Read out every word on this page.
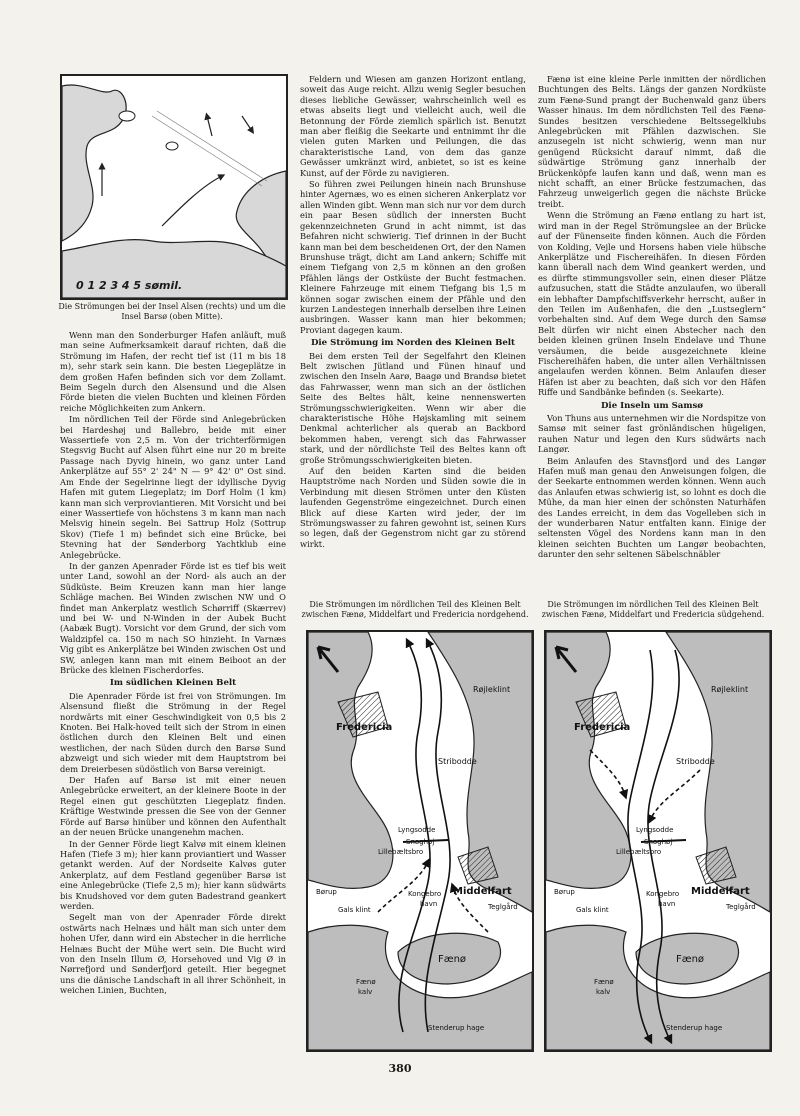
0 1 2 3 4 5 sømil.
Die Strömungen bei der Insel Alsen (rechts) und um die Insel Barsø (oben Mitte).

Wenn man den Sonderburger Hafen anläuft, muß man seine Aufmerksamkeit darauf richten, daß die Strömung im Hafen, der recht tief ist (11 m bis 18 m), sehr stark sein kann. Die besten Liegeplätze in dem großen Hafen befinden sich vor dem Zollamt. Beim Segeln durch den Alsensund und die Alsen Förde bieten die vielen Buchten und kleinen Förden reiche Möglichkeiten zum Ankern.

Im nördlichen Teil der Förde sind Anlegebrücken bei Hardeshøj und Ballebro, beide mit einer Wassertiefe von 2,5 m. Von der trichterförmigen Stegsvig Bucht auf Alsen führt eine nur 20 m breite Passage nach Dyvig hinein, wo ganz unter Land Ankerplätze auf 55° 2' 24" N — 9° 42' 0" Ost sind. Am Ende der Segelrinne liegt der idyllische Dyvig Hafen mit gutem Liegeplatz; im Dorf Holm (1 km) kann man sich verproviantieren. Mit Vorsicht und bei einer Wassertiefe von höchstens 3 m kann man nach Melsvig hinein segeln. Bei Sattrup Holz (Sottrup Skov) (Tiefe 1 m) befindet sich eine Brücke, bei Stevning hat der Sønderborg Yachtklub eine Anlegebrücke.

In der ganzen Apenrader Förde ist es tief bis weit unter Land, sowohl an der Nord- als auch an der Südküste. Beim Kreuzen kann man hier lange Schläge machen. Bei Winden zwischen NW und O findet man Ankerplatz westlich Schørriff (Skærrev) und bei W- und N-Winden in der Aubek Bucht (Aabæk Bugt). Vorsicht vor dem Grund, der sich vom Waldzipfel ca. 150 m nach SO hinzieht. In Varnæs Vig gibt es Ankerplätze bei Winden zwischen Ost und SW, anlegen kann man mit einem Beiboot an der Brücke des kleinen Fischerdorfes.

Im südlichen Kleinen Belt

Die Apenrader Förde ist frei von Strömungen. Im Alsensund fließt die Strömung in der Regel nordwärts mit einer Geschwindigkeit von 0,5 bis 2 Knoten. Bei Halk-hoved teilt sich der Strom in einen östlichen durch den Kleinen Belt und einen westlichen, der nach Süden durch den Barsø Sund abzweigt und sich wieder mit dem Hauptstrom bei dem Dreierbesen südöstlich von Barsø vereinigt.

Der Hafen auf Barsø ist mit einer neuen Anlegebrücke erweitert, an der kleinere Boote in der Regel einen gut geschützten Liegeplatz finden. Kräftige Westwinde pressen die See von der Genner Förde auf Barsø hinüber und können den Aufenthalt an der neuen Brücke unangenehm machen.

In der Genner Förde liegt Kalvø mit einem kleinen Hafen (Tiefe 3 m); hier kann proviantiert und Wasser getankt werden. Auf der Nordseite Kalvøs guter Ankerplatz, auf dem Festland gegenüber Barsø ist eine Anlegebrücke (Tiefe 2,5 m); hier kann südwärts bis Knudshoved vor dem guten Badestrand geankert werden.

Segelt man von der Apenrader Förde direkt ostwärts nach Helnæs und hält man sich unter dem hohen Ufer, dann wird ein Abstecher in die herrliche Helnæs Bucht der Mühe wert sein. Die Bucht wird von den Inseln Illum Ø, Horsehoved und Vig Ø in Nørrefjord und Sønderfjord geteilt. Hier begegnet uns die dänische Landschaft in all ihrer Schönheit, in weichen Linien, Buchten,

Feldern und Wiesen am ganzen Horizont entlang, soweit das Auge reicht. Allzu wenig Segler besuchen dieses liebliche Gewässer, wahrscheinlich weil es etwas abseits liegt und vielleicht auch, weil die Betonnung der Förde ziemlich spärlich ist. Benutzt man aber fleißig die Seekarte und entnimmt ihr die vielen guten Marken und Peilungen, die das charakteristische Land, von dem das ganze Gewässer umkränzt wird, anbietet, so ist es keine Kunst, auf der Förde zu navigieren.

So führen zwei Peilungen hinein nach Brunshuse hinter Agernæs, wo es einen sicheren Ankerplatz vor allen Winden gibt. Wenn man sich nur vor dem durch ein paar Besen südlich der innersten Bucht gekennzeichneten Grund in acht nimmt, ist das Befahren nicht schwierig. Tief drinnen in der Bucht kann man bei dem bescheidenen Ort, der den Namen Brunshuse trägt, dicht am Land ankern; Schiffe mit einem Tiefgang von 2,5 m können an den großen Pfählen längs der Ostküste der Bucht festmachen. Kleinere Fahrzeuge mit einem Tiefgang bis 1,5 m können sogar zwischen einem der Pfähle und den kurzen Landestegen innerhalb derselben ihre Leinen ausbringen. Wasser kann man hier bekommen; Proviant dagegen kaum.

Die Strömung im Norden des Kleinen Belt

Bei dem ersten Teil der Segelfahrt den Kleinen Belt zwischen Jütland und Fünen hinauf und zwischen den Inseln Aarø, Baagø und Brandsø bietet das Fahrwasser, wenn man sich an der östlichen Seite des Beltes hält, keine nennenswerten Strömungsschwierigkeiten. Wenn wir aber die charakteristische Höhe Højskamling mit seinem Denkmal achterlicher als querab an Backbord bekommen haben, verengt sich das Fahrwasser stark, und der nördlichste Teil des Beltes kann oft große Strömungsschwierigkeiten bieten.

Auf den beiden Karten sind die beiden Hauptströme nach Norden und Süden sowie die in Verbindung mit diesen Strömen unter den Küsten laufenden Gegenströme eingezeichnet. Durch einen Blick auf diese Karten wird jeder, der im Strömungswasser zu fahren gewohnt ist, seinen Kurs so legen, daß der Gegenstrom nicht gar zu störend wirkt.

Fænø ist eine kleine Perle inmitten der nördlichen Buchtungen des Belts. Längs der ganzen Nordküste zum Fænø-Sund prangt der Buchenwald ganz übers Wasser hinaus. Im dem nördlichsten Teil des Fænø-Sundes besitzen verschiedene Beltssegelklubs Anlegebrücken mit Pfählen dazwischen. Sie anzusegeln ist nicht schwierig, wenn man nur genügend Rücksicht darauf nimmt, daß die südwärtige Strömung ganz innerhalb der Brückenköpfe laufen kann und daß, wenn man es nicht schafft, an einer Brücke festzumachen, das Fahrzeug unweigerlich gegen die nächste Brücke treibt.

Wenn die Strömung an Fænø entlang zu hart ist, wird man in der Regel Strömungslee an der Brücke auf der Fünenseite finden können. Auch die Förden von Kolding, Vejle und Horsens haben viele hübsche Ankerplätze und Fischereihäfen. In diesen Förden kann überall nach dem Wind geankert werden, und es dürfte stimmungsvoller sein, einen dieser Plätze aufzusuchen, statt die Städte anzulaufen, wo überall ein lebhafter Dampfschiffsverkehr herrscht, außer in den Teilen im Außenhafen, die den „Lustseglern“ vorbehalten sind. Auf dem Wege durch den Samsø Belt dürfen wir nicht einen Abstecher nach den beiden kleinen grünen Inseln Endelave und Thune versäumen, die beide ausgezeichnete kleine Fischereihäfen haben, die unter allen Verhältnissen angelaufen werden können. Beim Anlaufen dieser Häfen ist aber zu beachten, daß sich vor den Häfen Riffe und Sandbänke befinden (s. Seekarte).

Die Inseln um Samsø

Von Thuns aus unternehmen wir die Nordspitze von Samsø mit seiner fast grönländischen hügeligen, rauhen Natur und legen den Kurs südwärts nach Langør.

Beim Anlaufen des Stavnsfjord und des Langør Hafen muß man genau den Anweisungen folgen, die der Seekarte entnommen werden können. Wenn auch das Anlaufen etwas schwierig ist, so lohnt es doch die Mühe, da man hier einen der schönsten Naturhäfen des Landes erreicht, in dem das Vogelleben sich in der wunderbaren Natur entfalten kann. Einige der seltensten Vögel des Nordens kann man in den kleinen seichten Buchten um Langør beobachten, darunter den sehr seltenen Säbelschnäbler

Die Strömungen im nördlichen Teil des Kleinen Belt zwischen Fænø, Middelfart und Fredericia nordgehend.
Die Strömungen im nördlichen Teil des Kleinen Belt zwischen Fænø, Middelfart und Fredericia südgehend.
Fredericia
Røjleklint
Stribodde
Lyngsodde
Snoghøj
Lillebæltsbro
Børup
Gals klint
Kongebro
havn
Middelfart
Teglgård
Fænø
Fænø
kalv
Stenderup hage
Fredericia
Røjleklint
Stribodde
Lyngsodde
Snoghøj
Lillebæltsbro
Børup
Gals klint
Kongebro
havn
Middelfart
Teglgård
Fænø
Fænø
kalv
Stenderup hage
380
